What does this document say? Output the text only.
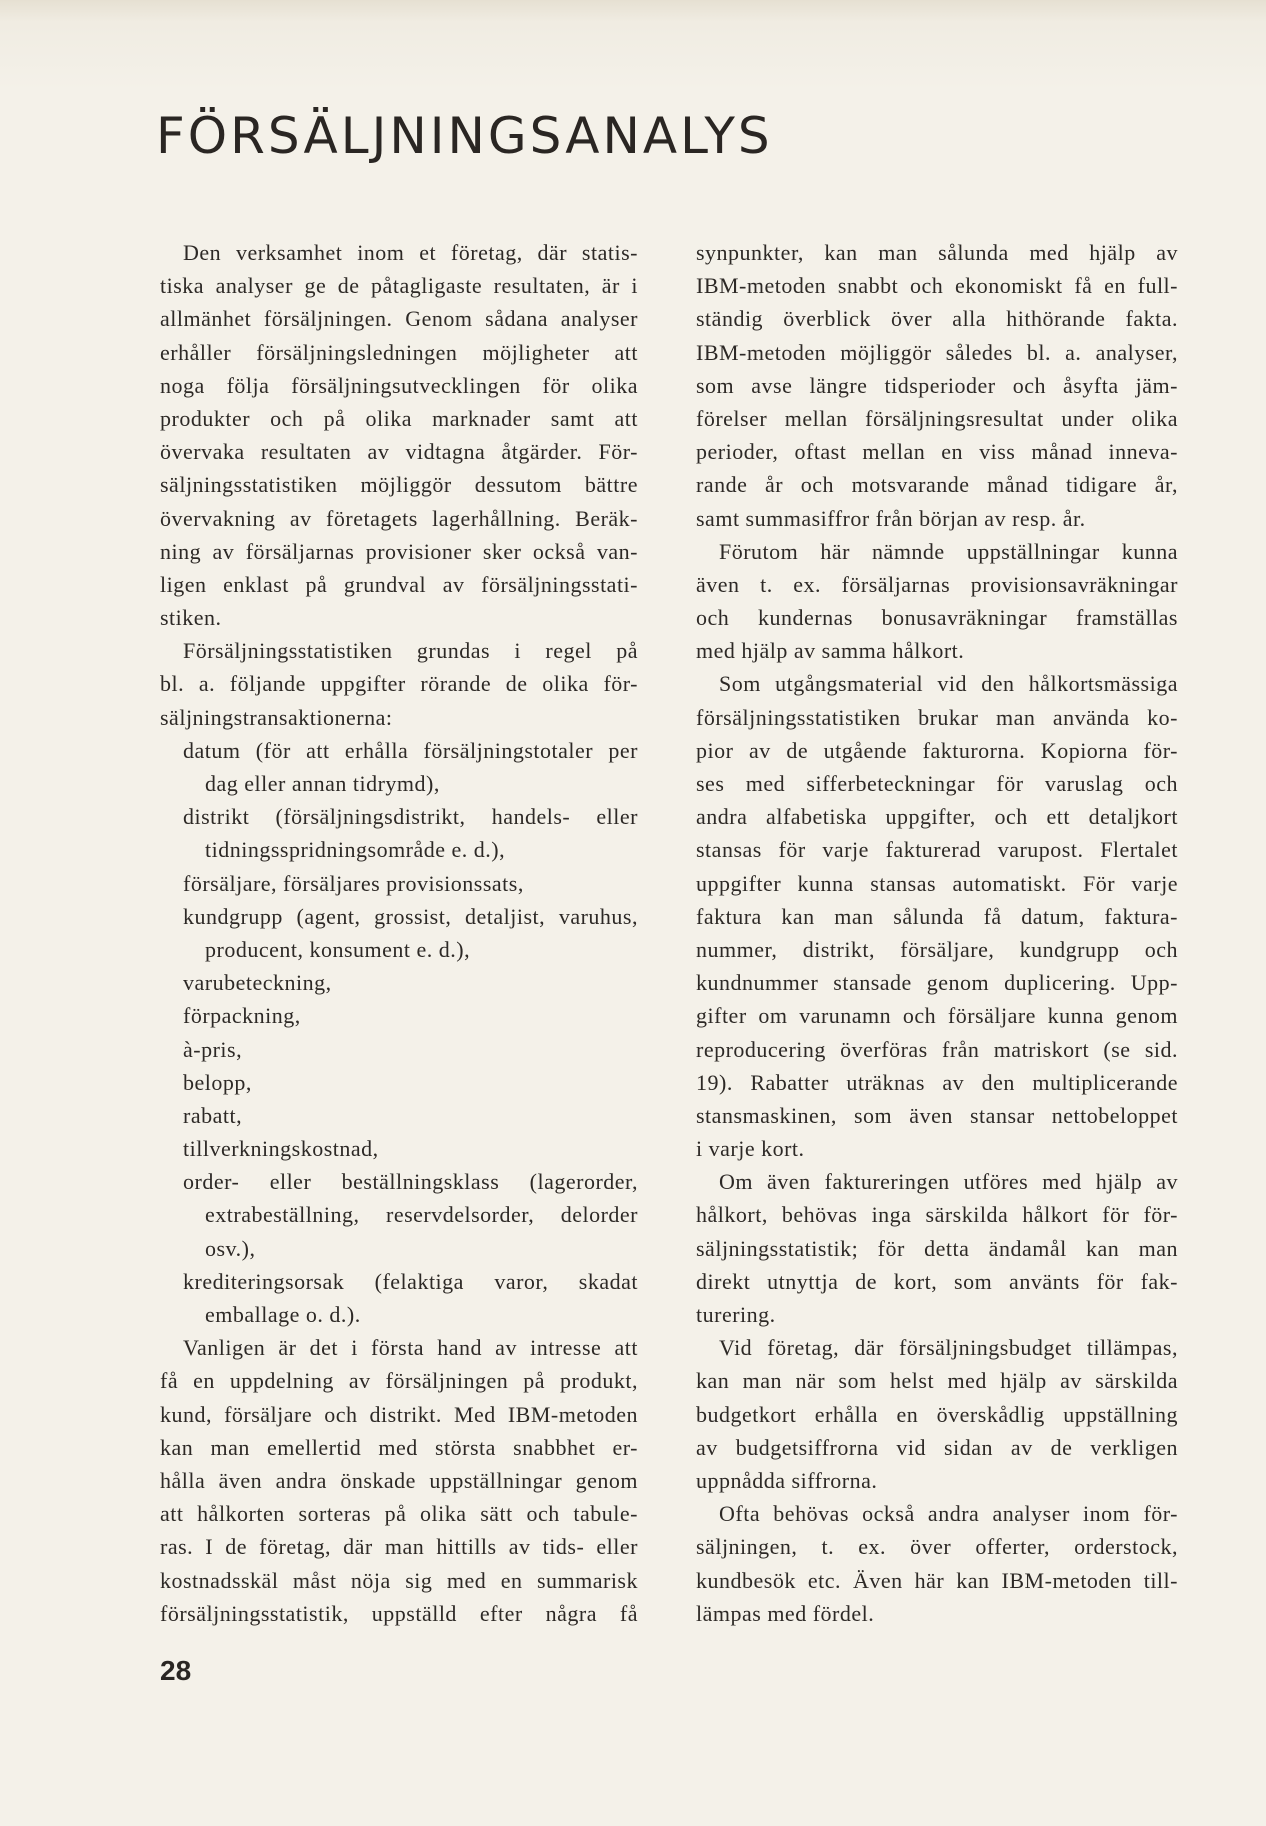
FÖRSÄLJNINGSANALYS
Den verksamhet inom et företag, där statis-
tiska analyser ge de påtagligaste resultaten, är i
allmänhet försäljningen. Genom sådana analyser
erhåller försäljningsledningen möjligheter att
noga följa försäljningsutvecklingen för olika
produkter och på olika marknader samt att
övervaka resultaten av vidtagna åtgärder. För-
säljningsstatistiken möjliggör dessutom bättre
övervakning av företagets lagerhållning. Beräk-
ning av försäljarnas provisioner sker också van-
ligen enklast på grundval av försäljningsstati-
stiken.
Försäljningsstatistiken grundas i regel på
bl. a. följande uppgifter rörande de olika för-
säljningstransaktionerna:
datum (för att erhålla försäljningstotaler per
dag eller annan tidrymd),
distrikt (försäljningsdistrikt, handels- eller
tidningsspridningsområde e. d.),
försäljare, försäljares provisionssats,
kundgrupp (agent, grossist, detaljist, varuhus,
producent, konsument e. d.),
varubeteckning,
förpackning,
à-pris,
belopp,
rabatt,
tillverkningskostnad,
order- eller beställningsklass (lagerorder,
extrabeställning, reservdelsorder, delorder
osv.),
krediteringsorsak (felaktiga varor, skadat
emballage o. d.).
Vanligen är det i första hand av intresse att
få en uppdelning av försäljningen på produkt,
kund, försäljare och distrikt. Med IBM-metoden
kan man emellertid med största snabbhet er-
hålla även andra önskade uppställningar genom
att hålkorten sorteras på olika sätt och tabule-
ras. I de företag, där man hittills av tids- eller
kostnadsskäl måst nöja sig med en summarisk
försäljningsstatistik, uppställd efter några få
synpunkter, kan man sålunda med hjälp av
IBM-metoden snabbt och ekonomiskt få en full-
ständig överblick över alla hithörande fakta.
IBM-metoden möjliggör således bl. a. analyser,
som avse längre tidsperioder och åsyfta jäm-
förelser mellan försäljningsresultat under olika
perioder, oftast mellan en viss månad inneva-
rande år och motsvarande månad tidigare år,
samt summasiffror från början av resp. år.
Förutom här nämnde uppställningar kunna
även t. ex. försäljarnas provisionsavräkningar
och kundernas bonusavräkningar framställas
med hjälp av samma hålkort.
Som utgångsmaterial vid den hålkortsmässiga
försäljningsstatistiken brukar man använda ko-
pior av de utgående fakturorna. Kopiorna för-
ses med sifferbeteckningar för varuslag och
andra alfabetiska uppgifter, och ett detaljkort
stansas för varje fakturerad varupost. Flertalet
uppgifter kunna stansas automatiskt. För varje
faktura kan man sålunda få datum, faktura-
nummer, distrikt, försäljare, kundgrupp och
kundnummer stansade genom duplicering. Upp-
gifter om varunamn och försäljare kunna genom
reproducering överföras från matriskort (se sid.
19). Rabatter uträknas av den multiplicerande
stansmaskinen, som även stansar nettobeloppet
i varje kort.
Om även faktureringen utföres med hjälp av
hålkort, behövas inga särskilda hålkort för för-
säljningsstatistik; för detta ändamål kan man
direkt utnyttja de kort, som använts för fak-
turering.
Vid företag, där försäljningsbudget tillämpas,
kan man när som helst med hjälp av särskilda
budgetkort erhålla en överskådlig uppställning
av budgetsiffrorna vid sidan av de verkligen
uppnådda siffrorna.
Ofta behövas också andra analyser inom för-
säljningen, t. ex. över offerter, orderstock,
kundbesök etc. Även här kan IBM-metoden till-
lämpas med fördel.
28
